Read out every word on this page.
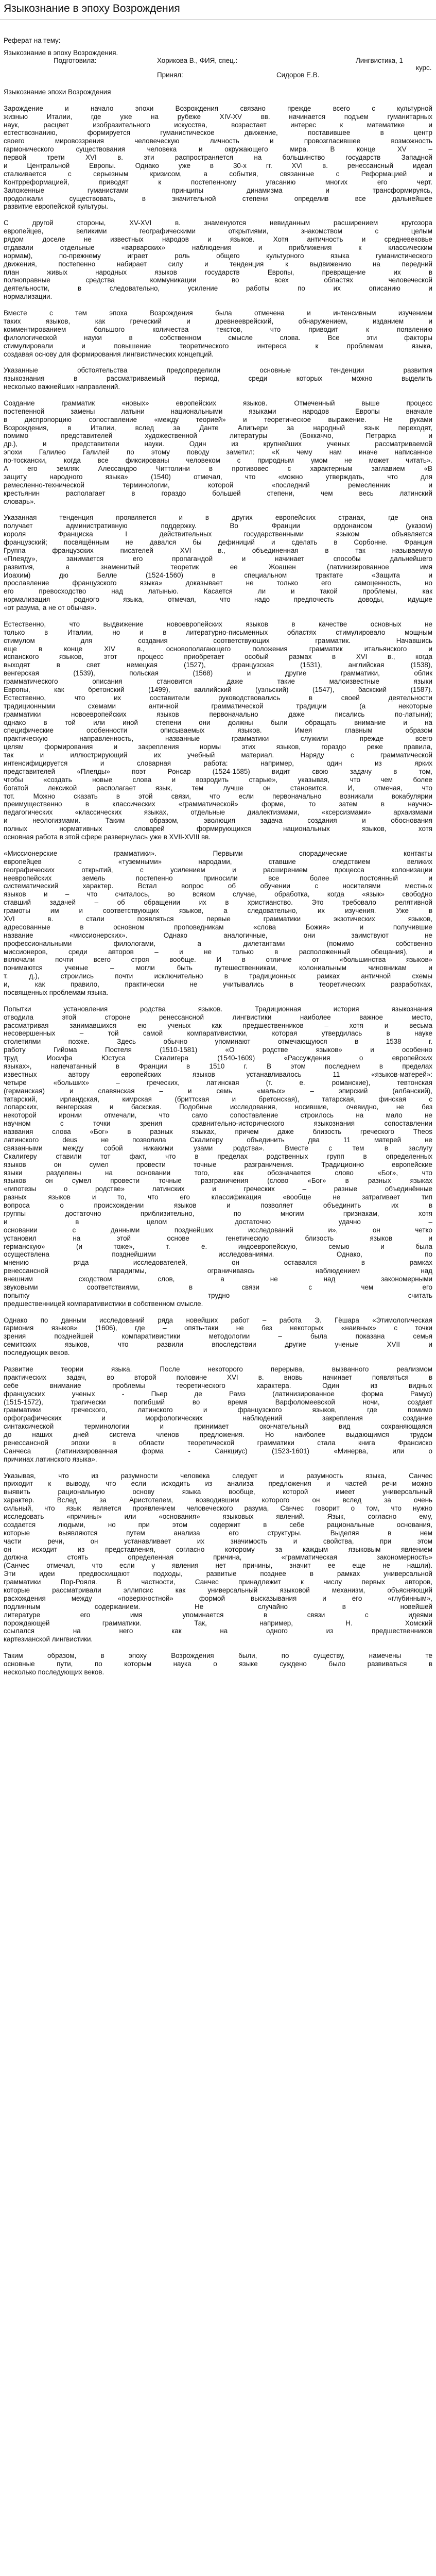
Языкознание в эпоху Возрождения
Реферат на тему:
Языкознание в эпоху Возрождения.
Подготовила:	Хорикова В., ФИЯ, спец.:	Лингвистика, 1
курс.
Принял:	Сидоров Е.В.
Языкознание эпохи Возрождения

Зарождение и начало эпохи Возрождения связано прежде всего с культурной
жизнью Италии, где уже на рубеже XIV-XV вв. начинается подъем гуманитарных
наук, расцвет изобразительного искусства, возрастает интерес к математике и
естествознанию, формируется гуманистическое движение, поставившее в центр
своего мировоззрения человеческую личность и провозгласившее возможность
гармонического существования человека и окружающего мира. В конце XV –
первой трети XVI в. эти распространяется на большинство государств Западной
и Центральной Европы. Однако уже в 30-х гг. XVI в. ренессансный идеал
сталкивается с серьезным кризисом, а события, связанные с Реформацией и
Контрреформацией, приводят к постепенному угасанию многих его черт.
Заложенные гуманистами принципы динамизма и трансформируясь,
продолжали существовать, в значительной степени определив все дальнейшее
развитие европейской культуры.

С другой стороны, XV-XVI в. знаменуются невиданным расширением кругозора
европейцев, великими географическими открытиями, знакомством с целым
рядом доселе не известных народов и языков. Хотя античность и средневековье
отдавали отдельные «варварских» наблюдения и приближения к классическим
нормам), по-прежнему играет роль общего культурного языка гуманистического
движения, постепенно набирает силу и тенденция к выдвижению на передний
план живых народных языков государств Европы, превращение их в
полноправные средства коммуникации во всех областях человеческой
деятельности, в следовательно, усиление работы по их описанию и
нормализации.

Вместе с тем эпоха Возрождения была отмечена и интенсивным изучением
таких языков, как греческий и древнееврейский, обнаружением, изданием и
комментированием большого количества текстов, что приводит к появлению
филологической науки в собственном смысле слова. Все эти факторы
стимулировали и повышение теоретического интереса к проблемам языка,
создавая основу для формирования лингвистических концепций.

Указанные обстоятельства предопределили основные тенденции развития
языкознания в рассматриваемый период, среди которых можно выделить
несколько важнейших направлений.

Создание грамматик «новых» европейских языков. Отмеченный выше процесс
постепенной замены латыни национальными языками народов Европы вначале
в диспропорцию сопоставление «между теорией» и теоретическое выражение. Не руками
Возрождения, в Италии, вслед за Данте Алигьери за народный язык переходят,
помимо представителей художественной литературы (Боккаччо, Петрарка и
др.), и представители науки. Один из крупнейших ученых рассматриваемой
эпохи Галилео Галилей по этому поводу заметил: «К чему нам иначе написанное
по-тоскански, когда все фиксированы человеком с природным умом не может читать».
А его земляк Алессандро Читтолини в противовес с характерным заглавием «В
защиту народного языка» (1540) отмечал, что «можно утверждать, что для
ремесленно-технической терминологии, которой «последний ремесленник и
крестьянин располагает в гораздо большей степени, чем весь латинский
словарь».

Указанная тенденция проявляется и в других европейских странах, где она
получает административную поддержку. Во Франции ордонансом (указом)
короля Франциска I действительных государственными языком объявляется
французский; посвящённым не давался бы дефиниций и сделать в Сорбонне. Франция
Группа французских писателей XVI в., объединенная в так называемую
«Плеяду», занимается его пропагандой и начинает способы дальнейшего
развития, а знаменитый теоретик ее Жоашен (латинизированное имя
Иоахим) дю Белле (1524-1560) в специальном трактате «Защита и
прославление французского языка» доказывает не только его самоценность, но
его превосходство над латынью. Касается ли и такой проблемы, как
нормализация родного языка, отмечая, что надо предпочесть доводы, идущие
«от разума, а не от обычая».

Естественно, что выдвижение новоевропейских языков в качестве основных не
только в Италии, но и в литературно-письменных областях стимулировало мощным
стимулом для создания соответствующих грамматик. Начавшись
еще в конце XIV в., основополагающего положения грамматик итальянского и
испанского языков, этот процесс приобретает особый размах в XVI в., когда
выходят в свет немецкая (1527), французская (1531), английская (1538),
венгерская (1539), польская (1568) и другие грамматики, облик
грамматического описания становится даже такие малоизвестные языки
Европы, как бретонский (1499), валлийский (уэльский) (1547), баскский (1587).
Естественно, что их составители руководствовались в своей деятельности
традиционными схемами античной грамматической традиции (а некоторые
грамматики новоевропейских языков первоначально даже писались по-латыни);
однако в той или иной степени они должны были обращать внимание и на
специфические особенности описываемых языков. Имея главным образом
практическую направленность, названные грамматики служили прежде всего
целям формирования и закрепления нормы этих языков, гораздо реже правила,
так и иллюстрирующий их учебный материал. Наряду с грамматической
интенсифицируется и словарная работа: например, один из ярких
представителей «Плеяды» поэт Ронсар (1524-1585) видит свою задачу в том,
чтобы «создать новые слова и возродить старые», указывая, что чем более
богатой лексикой располагает язык, тем лучше он становится. И, отмечая, что
тот. Можно сказать в этой связи, что если первоначально возникали вокабулярии
преимущественно в классических «грамматической» форме, то затем в научно-
педагогических «классических языках, отдельные диалектизмами, «ксерсизмами» архаизмами
и неологизмами. Таким образом, эволюция задача создания и обоснования
полных нормативных словарей формирующихся национальных языков, хотя
основная работа в этой сфере развернулась уже в XVII-XVIII вв.

«Миссионерские грамматики». Первыми спорадические контакты
европейцев с «туземными» народами, ставшие следствием великих
географических открытий, с усилением и расширением процесса колонизации
неевропейских земель постепенно приносили все более постоянный и
систематический характер. Встал вопрос об обучении с носителями местных
языков и – что считалось, во всяком случае, обработка, когда «язык» свободно
ставший задачей – об обращении их в христианство. Это требовало релятивной
грамоты им и соответствующих языков, а следовательно, их изучения. Уже в
XVI в. стали появляться первые грамматики экзотических языков,
адресованные в основном проповедникам «слова Божия» и получившие
название «миссионерских». Однако аналогичные, они заимствуют не
профессиональными филологами, а дилетантами (помимо собственно
миссионеров, среди авторов – и не только в расположенный обещания), и
включали почти всего строя вообще. И в отличие от «большинства языков»
понимаются ученые – могли быть путешественникам, колониальным чиновникам и
т. д.), строились почти исключительно в традиционных рамках античной схемы
и, как правило, практически не учитывались в теоретических разработках,
посвященных проблемам языка.

Попытки установления родства языков. Традиционная история языкознания
отводила этой стороне ренессансной лингвистики наиболее важное место,
рассматривая занимавшихся ею ученых как предшественников – хотя и весьма
несовершенных – той самой компаративистики, которая утвердилась в науке
столетиями позже. Здесь обычно упоминают отмечающуюся в 1538 г.
работу Гийома Постеля (1510-1581) «О родстве языков» и особенно
труд Иосифа Юстуса Скалигера (1540-1609) «Рассуждения о европейских
языках», напечатанный в Франции в 1510 г. В этом последнем в пределах
известных автору европейских языков устанавливалось 11 «языков-матерей»:
четыре «больших» – греческих, латинская (т. е. романские), тевтонская
(германская) и славянская – и семь «малых» – эпирский (албанский),
татарский, ирландская, кимрская (бриттская и бретонская), татарская, финская с
лопарских, венгерская и баскская. Подобные исследования, носившие, очевидно, не без
некоторой иронии отмечали, что само сопоставление строилось на мало не
научном с точки зрения сравнительно-исторического языкознания сопоставлении
названия слова «Бог» в разных языках, причем даже близость греческого Theos
латинского deus не позволила Скалигеру объединить два 11 матерей не
связанными между собой никакими узами родства». Вместе с тем в заслугу
Скалигеру ставили тот факт, что в пределах родственных групп в определенных
языков он сумел провести точные разграничения. Традиционно европейские
языки разделены на основании того, как обозначается слово «Бог», что
языков он сумел провести точные разграничения (слово «Бог» в разных языках
«гипотезы о родстве» латинских и греческих – разные объединённые
разных языков и то, что его классификация «вообще не затрагивает тип
вопроса о происхождении языков и позволяет объединить их в
группы достаточно приблизительно, по многим признакам, хотя
и в целом достаточно удачно –
основании с данными позднейших исследований и», он четко
установил на этой основе генетическую близость языков и
германскую» (и тоже», т. е. индоевропейскую, семью и была
осуществлена позднейшими исследованиями. Однако, по
мнению ряда исследователей, он оставался в рамках
ренессансной парадигмы, ограничиваясь наблюдением над
внешним сходством слов, а не над закономерными
звуковыми соответствиями, в связи с чем его
попытку трудно считать
предшественницей компаративистики в собственном смысле.

Однако по данным исследований ряда новейших работ – работа Э. Гёшара «Этимологическая
гармония языков» (1606), где – опять-таки не без некоторых «наивных» с точки
зрения позднейшей компаративистики методологии – была показана семья
семитских языков, что развили впоследствии другие ученые XVII и
последующих веков.

Развитие теории языка. После некоторого перерыва, вызванного реализмом
практических задач, во второй половине XVI в. вновь начинает появляться в
себе внимание проблемы теоретического характера. Один из видных
французских ученых - Пьер де Рамэ (латинизированное форма Рамус)
(1515-1572), трагически погибший во время Варфоломеевской ночи, создает
грамматики греческого, латинского и французского языков, где помимо
орфографических и морфологических наблюдений закрепления создание
синтаксической терминологии и принимает окончательный вид сохраняющаяся
до наших дней система членов предложения. Но наиболее выдающимся трудом
ренессансной эпохи в области теоретической грамматики стала книга Франсиско
Санчеса (латинизированная форма - Санкциус) (1523-1601) «Минерва, или о
причинах латинского языка».

Указывая, что из разумности человека следует и разумность языка, Санчес
приходит к выводу, что если исходить из анализа предложения и частей речи можно
выявить рациональную основу языка вообще, которой имеет универсальный
характер. Вслед за Аристотелем, возводившим которого он вслед за очень
сильный, что язык является проявлением человеческого разума, Санчес говорит о том, что нужно
исследовать «причины» или «основания» языковых явлений. Язык, согласно ему,
создается людьми, но при этом содержит в себе рациональные основания,
которые выявляются путем анализа его структуры. Выделяя в нем
части речи, он устанавливает их значимость и свойства, при этом
он исходит из представления, согласно которому за каждым языковым явлением
должна стоять определенная причина, «грамматическая закономерность»
(Санчес отмечал, что если у явления нет причины, значит ее еще не нашли).
Эти идеи предвосхищают подходы, развитые позднее в рамках универсальной
грамматики Пор-Рояля. В частности, Санчес принадлежит к числу первых авторов,
которые рассматривали эллипсис как универсальный языковой механизм, объясняющий
расхождения между «поверхностной» формой высказывания и его «глубинным»,
подлинным содержанием. Не случайно в новейшей
литературе его имя упоминается в связи с идеями
порождающей грамматики. Так, например, Н. Хомский
ссылался на него как на одного из предшественников
картезианской лингвистики.

Таким образом, в эпоху Возрождения были, по существу, намечены те
основные пути, по которым наука о языке суждено было развиваться в
несколько последующих веков.
